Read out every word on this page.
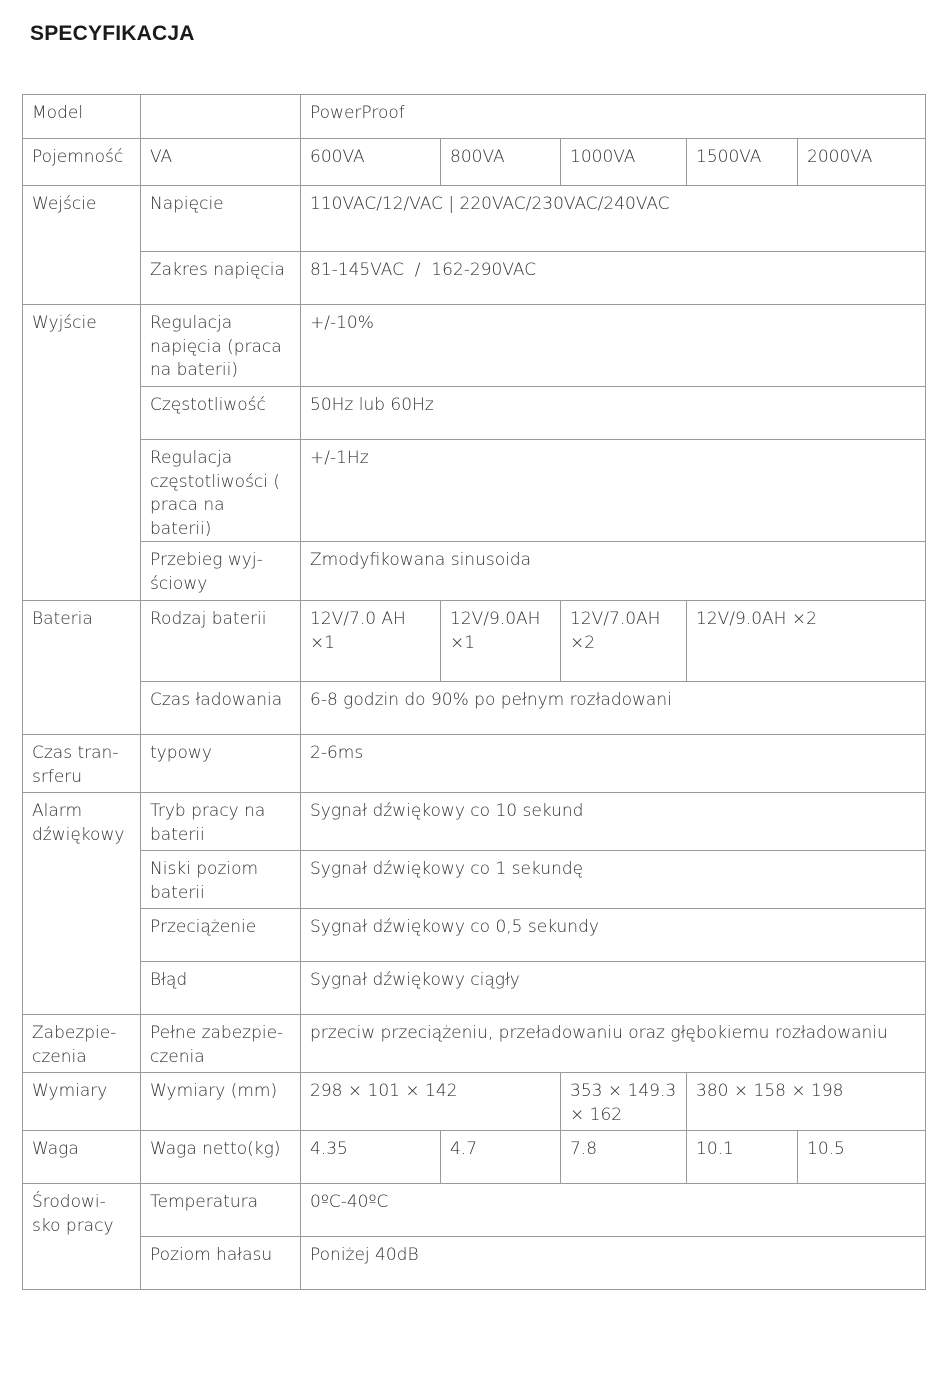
SPECYFIKACJA
Model		PowerProof				
Pojemność	VA	600VA	800VA	1000VA	1500VA	2000VA
Wejście	Napięcie	110VAC/12/VAC | 220VAC/230VAC/240VAC				
	Zakres napięcia	81-145VAC  /  162-290VAC				
Wyjście	Regulacja napięcia (praca na baterii)	+/-10%				
	Częstotliwość	50Hz lub 60Hz				
	Regulacja częstotliwości ( praca na baterii)	+/-1Hz				
	Przebieg wyj-ściowy	Zmodyfikowana sinusoida				
Bateria	Rodzaj baterii	12V/7.0 AH ×1	12V/9.0AH ×1	12V/7.0AH ×2	12V/9.0AH ×2	
	Czas ładowania	6-8 godzin do 90% po pełnym rozładowani				
Czas tran-srferu	typowy	2-6ms				
Alarm dźwiękowy	Tryb pracy na baterii	Sygnał dźwiękowy co 10 sekund				
	Niski poziom baterii	Sygnał dźwiękowy co 1 sekundę				
	Przeciążenie	Sygnał dźwiękowy co 0,5 sekundy				
	Błąd	Sygnał dźwiękowy ciągły				
Zabezpie-czenia	Pełne zabezpie-czenia	przeciw przeciążeniu, przeładowaniu oraz głębokiemu rozładowaniu				
Wymiary	Wymiary (mm)	298 × 101 × 142		353 × 149.3 × 162	380 × 158 × 198	
Waga	Waga netto(kg)	4.35	4.7	7.8	10.1	10.5
Środowi-sko pracy	Temperatura	0ºC-40ºC				
	Poziom hałasu	Poniżej 40dB				
